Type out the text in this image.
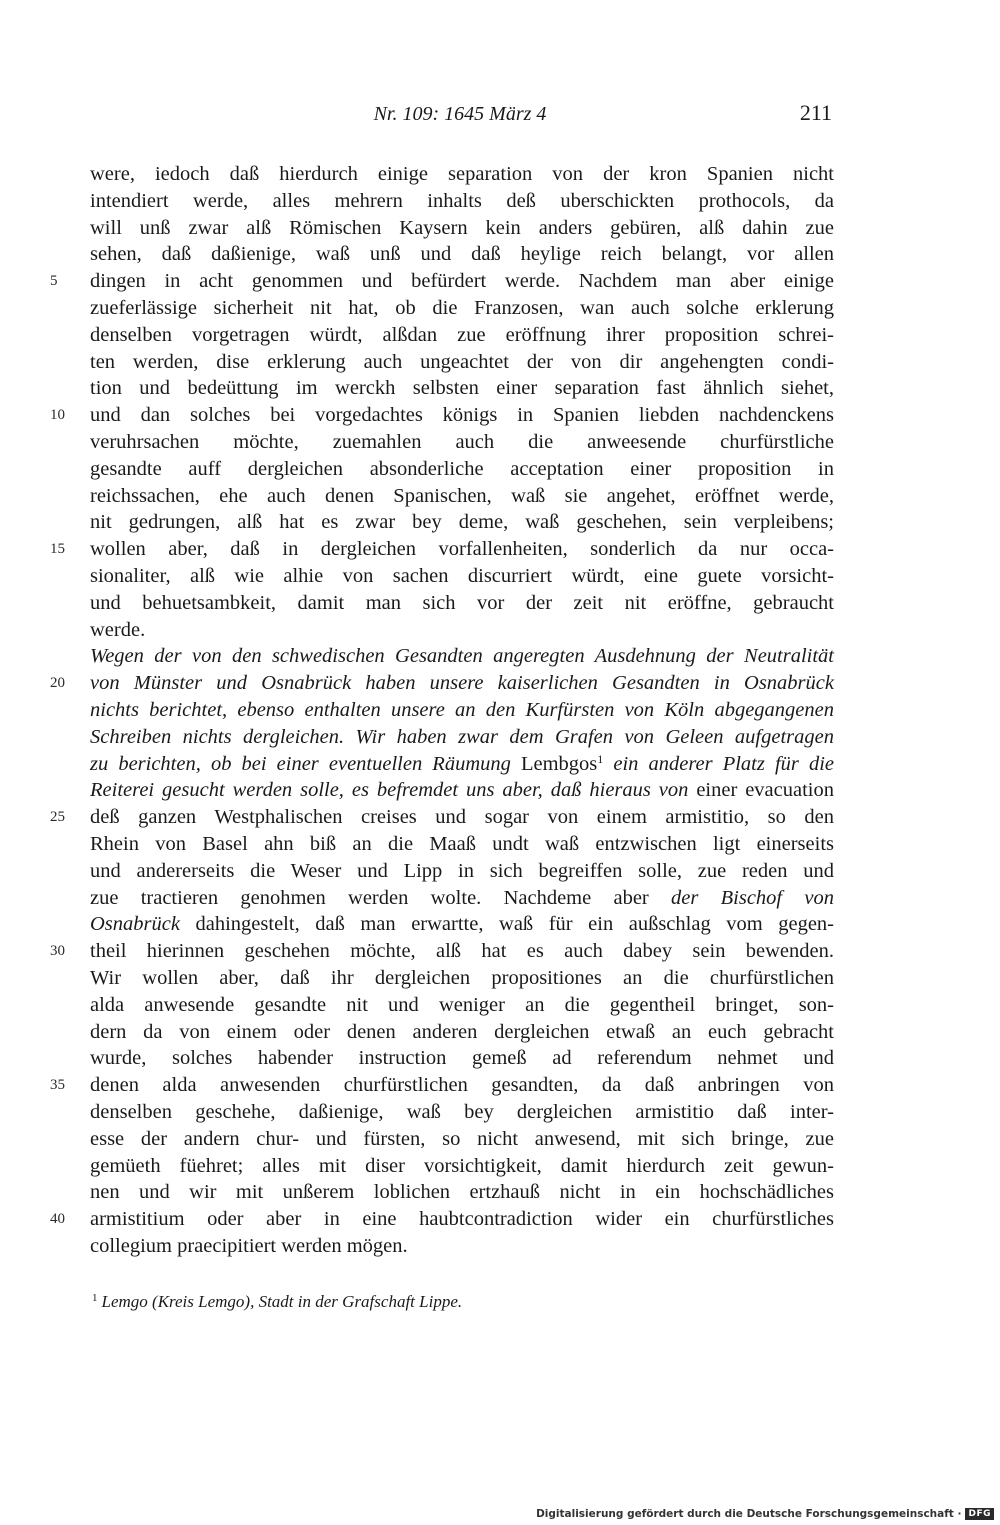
Nr. 109: 1645 März 4	211
were, iedoch daß hierdurch einige separation von der kron Spanien nicht
intendiert werde, alles mehrern inhalts deß uberschickten prothocols, da
will unß zwar alß Römischen Kaysern kein anders gebüren, alß dahin zue
sehen, daß daßienige, waß unß und daß heylige reich belangt, vor allen
dingen in acht genommen und befürdert werde. Nachdem man aber einige
zueferlässige sicherheit nit hat, ob die Franzosen, wan auch solche erklerung
denselben vorgetragen würdt, alßdan zue eröffnung ihrer proposition schrei-
ten werden, dise erklerung auch ungeachtet der von dir angehengten condi-
tion und bedeüttung im werckh selbsten einer separation fast ähnlich siehet,
und dan solches bei vorgedachtes königs in Spanien liebden nachdenckens
veruhrsachen möchte, zuemahlen auch die anweesende churfürstliche
gesandte auff dergleichen absonderliche acceptation einer proposition in
reichssachen, ehe auch denen Spanischen, waß sie angehet, eröffnet werde,
nit gedrungen, alß hat es zwar bey deme, waß geschehen, sein verpleibens;
wollen aber, daß in dergleichen vorfallenheiten, sonderlich da nur occa-
sionaliter, alß wie alhie von sachen discurriert würdt, eine guete vorsicht-
und behuetsambkeit, damit man sich vor der zeit nit eröffne, gebraucht
werde.
Wegen der von den schwedischen Gesandten angeregten Ausdehnung der Neutralität
von Münster und Osnabrück haben unsere kaiserlichen Gesandten in Osnabrück
nichts berichtet, ebenso enthalten unsere an den Kurfürsten von Köln abgegangenen
Schreiben nichts dergleichen. Wir haben zwar dem Grafen von Geleen aufgetragen
zu berichten, ob bei einer eventuellen Räumung Lembgos$^1$ ein anderer Platz für die
Reiterei gesucht werden solle, es befremdet uns aber, daß hieraus von einer evacuation
deß ganzen Westphalischen creises und sogar von einem armistitio, so den
Rhein von Basel ahn biß an die Maaß undt waß entzwischen ligt einerseits
und andererseits die Weser und Lipp in sich begreiffen solle, zue reden und
zue tractieren genohmen werden wolte. Nachdeme aber der Bischof von
Osnabrück dahingestelt, daß man erwartte, waß für ein außschlag vom gegen-
theil hierinnen geschehen möchte, alß hat es auch dabey sein bewenden.
Wir wollen aber, daß ihr dergleichen propositiones an die churfürstlichen
alda anwesende gesandte nit und weniger an die gegentheil bringet, son-
dern da von einem oder denen anderen dergleichen etwaß an euch gebracht
wurde, solches habender instruction gemeß ad referendum nehmet und
denen alda anwesenden churfürstlichen gesandten, da daß anbringen von
denselben geschehe, daßienige, waß bey dergleichen armistitio daß inter-
esse der andern chur- und fürsten, so nicht anwesend, mit sich bringe, zue
gemüeth füehret; alles mit diser vorsichtigkeit, damit hierdurch zeit gewun-
nen und wir mit unßerem loblichen ertzhauß nicht in ein hochschädliches
armistitium oder aber in eine haubtcontradiction wider ein churfürstliches
collegium praecipitiert werden mögen.
5
10
15
20
25
30
35
40
$^1$ Lemgo (Kreis Lemgo), Stadt in der Grafschaft Lippe.
Digitalisierung gefördert durch die Deutsche Forschungsgemeinschaft · DFG
